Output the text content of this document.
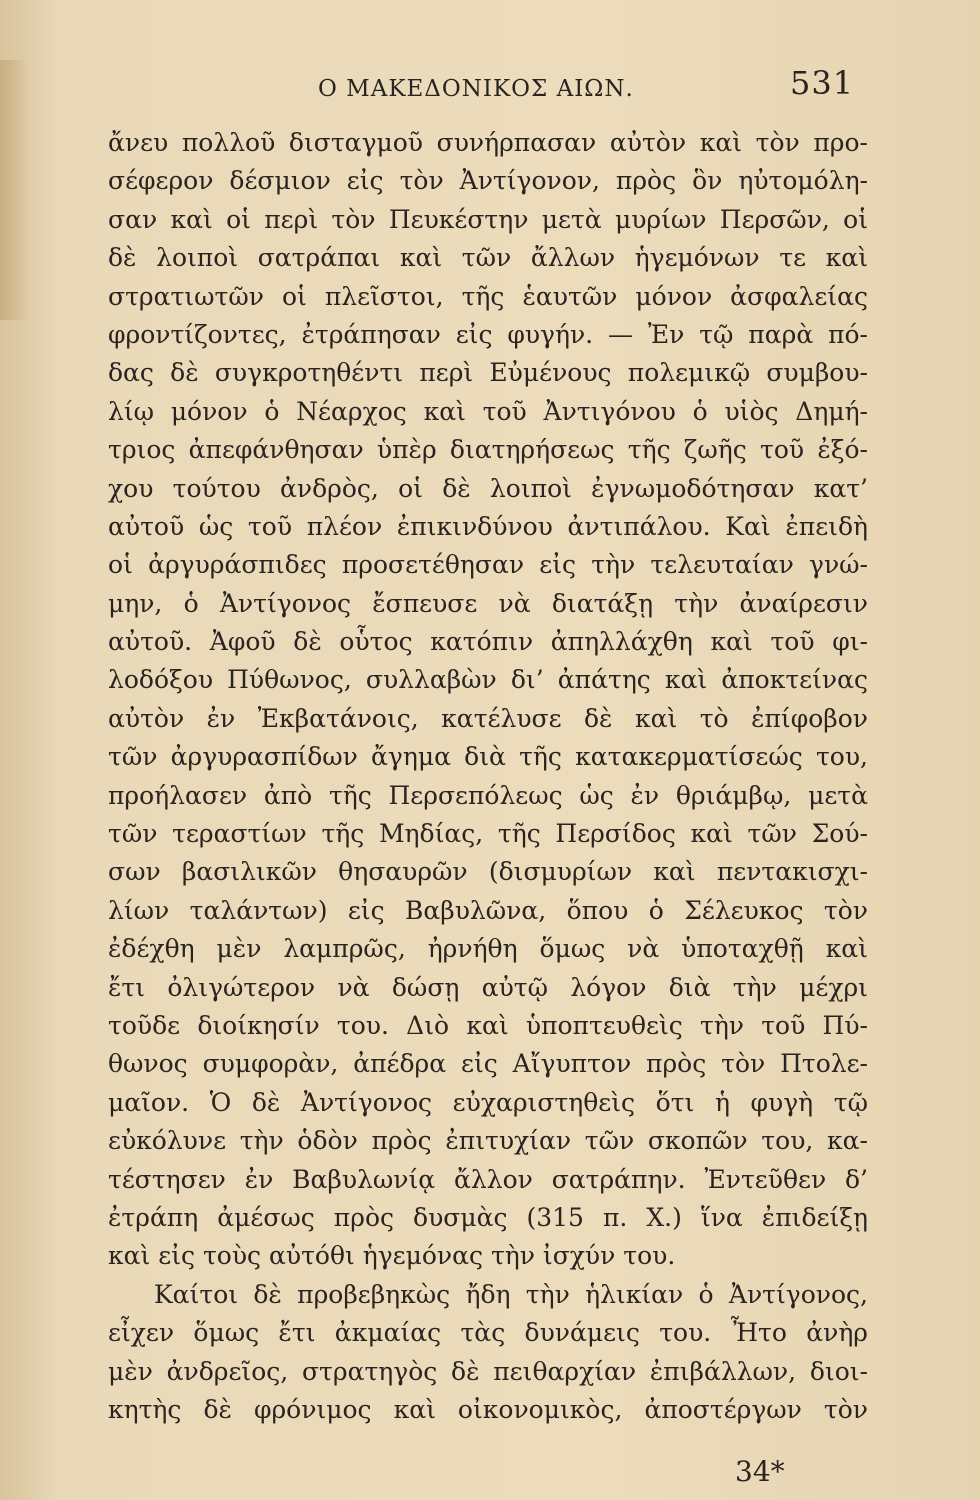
Ο ΜΑΚΕΔΟΝΙΚΟΣ ΑΙΩΝ.	531
ἄνευ πολλοῦ δισταγμοῦ συνήρπασαν αὐτὸν καὶ τὸν προ-
σέφερον δέσμιον εἰς τὸν Ἀντίγονον, πρὸς ὃν ηὐτομόλη-
σαν καὶ οἱ περὶ τὸν Πευκέστην μετὰ μυρίων Περσῶν, οἱ
δὲ λοιποὶ σατράπαι καὶ τῶν ἄλλων ἡγεμόνων τε καὶ
στρατιωτῶν οἱ πλεῖστοι, τῆς ἑαυτῶν μόνον ἀσφαλείας
φροντίζοντες, ἐτράπησαν εἰς φυγήν. — Ἐν τῷ παρὰ πό-
δας δὲ συγκροτηθέντι περὶ Εὐμένους πολεμικῷ συμβου-
λίῳ μόνον ὁ Νέαρχος καὶ τοῦ Ἀντιγόνου ὁ υἱὸς Δημή-
τριος ἀπεφάνθησαν ὑπὲρ διατηρήσεως τῆς ζωῆς τοῦ ἐξό-
χου τούτου ἀνδρὸς, οἱ δὲ λοιποὶ ἐγνωμοδότησαν κατ’
αὐτοῦ ὡς τοῦ πλέον ἐπικινδύνου ἀντιπάλου. Καὶ ἐπειδὴ
οἱ ἀργυράσπιδες προσετέθησαν εἰς τὴν τελευταίαν γνώ-
μην, ὁ Ἀντίγονος ἔσπευσε νὰ διατάξῃ τὴν ἀναίρεσιν
αὐτοῦ. Ἀφοῦ δὲ οὗτος κατόπιν ἀπηλλάχθη καὶ τοῦ φι-
λοδόξου Πύθωνος, συλλαβὼν δι’ ἀπάτης καὶ ἀποκτείνας
αὐτὸν ἐν Ἐκβατάνοις, κατέλυσε δὲ καὶ τὸ ἐπίφοβον
τῶν ἀργυρασπίδων ἄγημα διὰ τῆς κατακερματίσεώς του,
προήλασεν ἀπὸ τῆς Περσεπόλεως ὡς ἐν θριάμβῳ, μετὰ
τῶν τεραστίων τῆς Μηδίας, τῆς Περσίδος καὶ τῶν Σού-
σων βασιλικῶν θησαυρῶν (δισμυρίων καὶ πεντακισχι-
λίων ταλάντων) εἰς Βαβυλῶνα, ὅπου ὁ Σέλευκος τὸν
ἐδέχθη μὲν λαμπρῶς, ἠρνήθη ὅμως νὰ ὑποταχθῇ καὶ
ἔτι ὀλιγώτερον νὰ δώσῃ αὐτῷ λόγον διὰ τὴν μέχρι
τοῦδε διοίκησίν του. Διὸ καὶ ὑποπτευθεὶς τὴν τοῦ Πύ-
θωνος συμφορὰν, ἀπέδρα εἰς Αἴγυπτον πρὸς τὸν Πτολε-
μαῖον. Ὁ δὲ Ἀντίγονος εὐχαριστηθεὶς ὅτι ἡ φυγὴ τῷ
εὐκόλυνε τὴν ὁδὸν πρὸς ἐπιτυχίαν τῶν σκοπῶν του, κα-
τέστησεν ἐν Βαβυλωνίᾳ ἄλλον σατράπην. Ἐντεῦθεν δ’
ἐτράπη ἀμέσως πρὸς δυσμὰς (315 π. Χ.) ἵνα ἐπιδείξῃ
καὶ εἰς τοὺς αὐτόθι ἡγεμόνας τὴν ἰσχύν του.
Καίτοι δὲ προβεβηκὼς ἤδη τὴν ἡλικίαν ὁ Ἀντίγονος,
εἶχεν ὅμως ἔτι ἀκμαίας τὰς δυνάμεις του. Ἦτο ἀνὴρ
μὲν ἀνδρεῖος, στρατηγὸς δὲ πειθαρχίαν ἐπιβάλλων, διοι-
κητὴς δὲ φρόνιμος καὶ οἰκονομικὸς, ἀποστέργων τὸν
34*
